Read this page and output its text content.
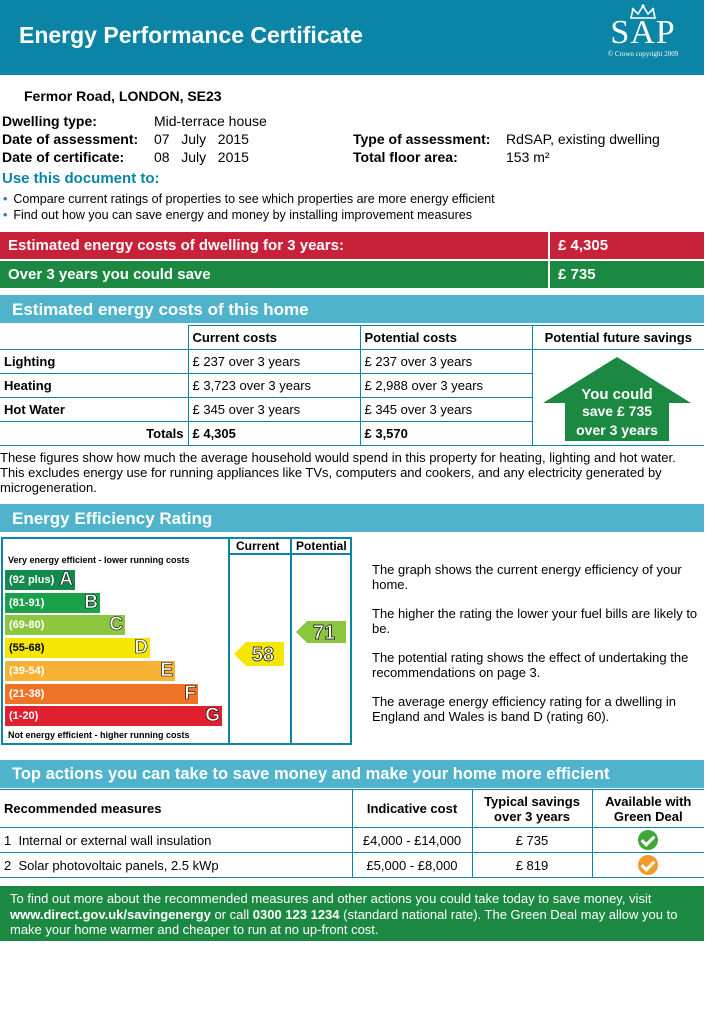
Energy Performance Certificate	SAP
© Crown copyright 2009
Fermor Road, LONDON, SE23
Dwelling type:	Mid-terrace house
Date of assessment: 07   July   2015
Date of certificate: 08   July   2015
Type of assessment: RdSAP, existing dwelling
Total floor area:	153 m²
Use this document to:
• Compare current ratings of properties to see which properties are more energy efficient
• Find out how you can save energy and money by installing improvement measures
Estimated energy costs of dwelling for 3 years:	£ 4,305
Over 3 years you could save	£ 735
Estimated energy costs of this home
	Current costs	Potential costs	Potential future savings
Lighting	£ 237 over 3 years	£ 237 over 3 years	
Heating	£ 3,723 over 3 years	£ 2,988 over 3 years	
Hot Water	£ 345 over 3 years	£ 345 over 3 years	
Totals	£ 4,305	£ 3,570	
You could
save £ 735
over 3 years
These figures show how much the average household would spend in this property for heating, lighting and hot water. This excludes energy use for running appliances like TVs, computers and cookers, and any electricity generated by microgeneration.
Energy Efficiency Rating
Current Potential
Very energy efficient - lower running costs
(92 plus) A
(81-91) B
(69-80)	C
(55-68)	D
(39-54)	E
(21-38)	F
(1-20)	G
Not energy efficient - higher running costs
58
71
The graph shows the current energy efficiency of your home.
The higher the rating the lower your fuel bills are likely to be.
The potential rating shows the effect of undertaking the recommendations on page 3.
The average energy efficiency rating for a dwelling in England and Wales is band D (rating 60).
Top actions you can take to save money and make your home more efficient
Recommended measures	Indicative cost	Typical savings over 3 years	Available with Green Deal
1 Internal or external wall insulation	£4,000 - £14,000	£ 735	
2 Solar photovoltaic panels, 2.5 kWp	£5,000 - £8,000	£ 819	
To find out more about the recommended measures and other actions you could take today to save money, visit www.direct.gov.uk/savingenergy or call 0300 123 1234 (standard national rate). The Green Deal may allow you to make your home warmer and cheaper to run at no up-front cost.
